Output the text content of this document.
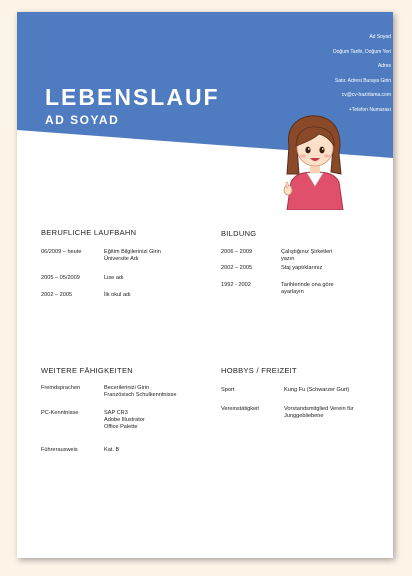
Ad Soyad
Doğum Tarihi, Doğum Yeri
Adres
Satır. Adresi Buraya Girin
cv@cv-hazirlama.com
+Telefon Numarası
LEBENSLAUF
AD SOYAD
BERUFLICHE LAUFBAHN
06/2009 – heute	Eğitim Bilgilerinizi Girin
Üniversite Adı
2005 – 05/2009	Lise adı
2002 – 2005	İlk okul adı
BILDUNG
2006 – 2009	Çalıştığınız Şirketleri
yazın
2002 – 2005	Staj yaptıklarınız
1992 - 2002	Tarihlerinde ona göre
ayarlayın
WEITERE FÄHIGKEITEN
Fremdsprachen	Becerilerinizi Girin
Französisch Schulkenntnisse
PC-Kenntnisse	SAP CR3
Adobe Illustrator
Office Palette
Führerausweis	Kat. B
HOBBYS / FREIZEIT
Sport	Kung Fu (Schwarzer Gurt)
Vereinstätigkeit	Vorstandsmitglied Verein für
Junggebliebene
